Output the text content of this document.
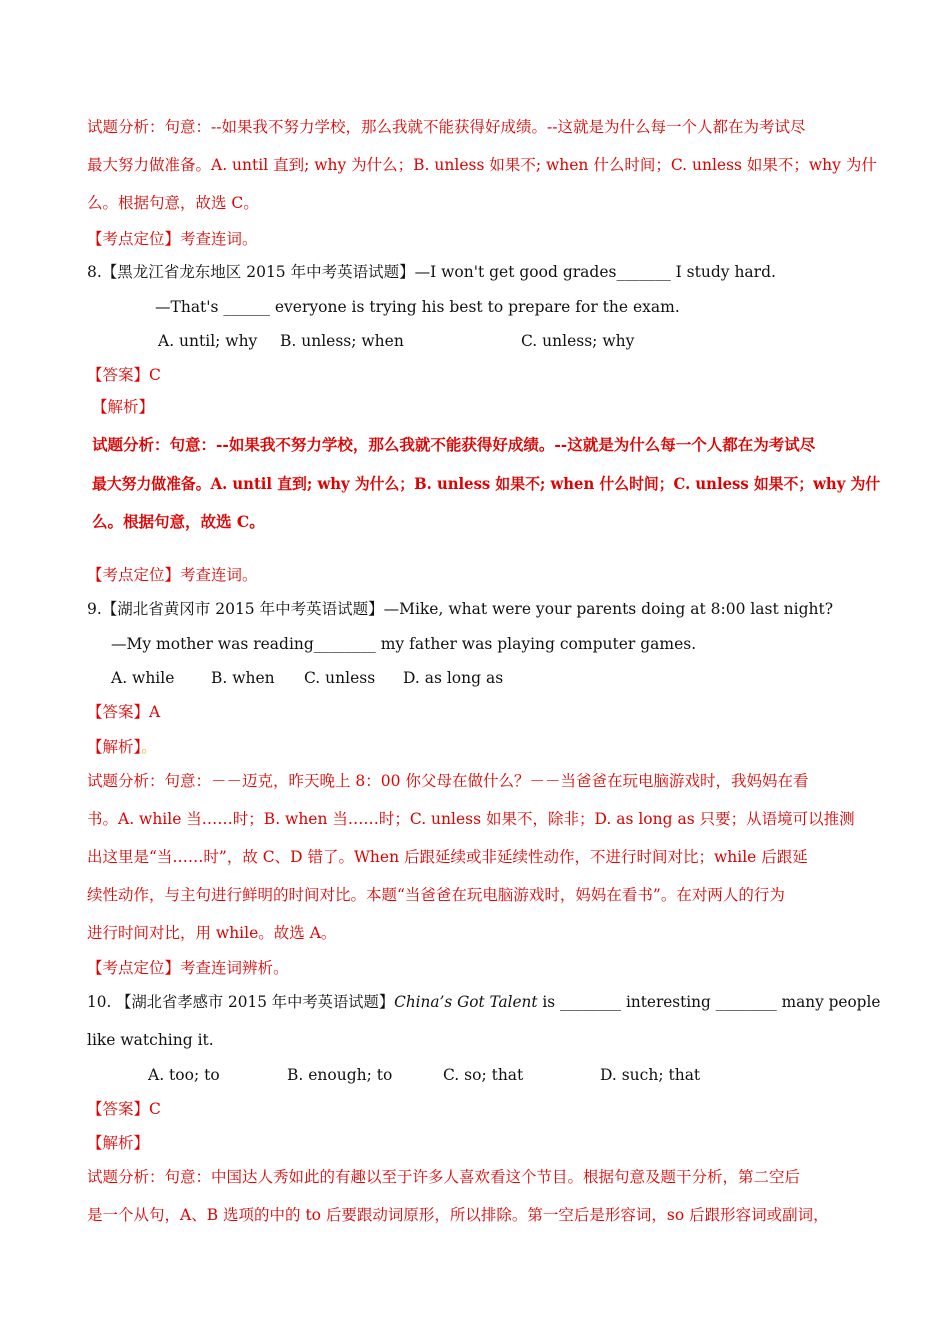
试题分析：句意：--如果我不努力学校，那么我就不能获得好成绩。--这就是为什么每一个人都在为考试尽
最大努力做准备。A. until 直到; why 为什么；B. unless 如果不; when 什么时间；C. unless 如果不；why 为什
么。根据句意，故选 C。
【考点定位】考查连词。
8.【黑龙江省龙东地区 2015 年中考英语试题】—I won't get good grades_______ I study hard.
—That's ______ everyone is trying his best to prepare for the exam.
A. until; why B. unless; when	C. unless; why
【答案】C
【解析】
试题分析：句意：--如果我不努力学校，那么我就不能获得好成绩。--这就是为什么每一个人都在为考试尽
最大努力做准备。A. until 直到; why 为什么；B. unless 如果不; when 什么时间；C. unless 如果不；why 为什
么。根据句意，故选 C。
【考点定位】考查连词。
9.【湖北省黄冈市 2015 年中考英语试题】—Mike, what were your parents doing at 8:00 last night?
—My mother was reading________ my father was playing computer games.
A. while B. when C. unless D. as long as
【答案】A
【解析】。
试题分析：句意：－－迈克，昨天晚上 8：00 你父母在做什么？－－当爸爸在玩电脑游戏时，我妈妈在看
书。A. while 当……时；B. when 当……时；C. unless 如果不，除非；D. as long as 只要；从语境可以推测
出这里是“当……时”，故 C、D 错了。When 后跟延续或非延续性动作，不进行时间对比；while 后跟延
续性动作，与主句进行鲜明的时间对比。本题“当爸爸在玩电脑游戏时，妈妈在看书”。在对两人的行为
进行时间对比，用 while。故选 A。
【考点定位】考查连词辨析。
10. 【湖北省孝感市 2015 年中考英语试题】China’s Got Talent is ________ interesting ________ many people
like watching it.
A. too; to	B. enough; to	C. so; that	D. such; that
【答案】C
【解析】
试题分析：句意：中国达人秀如此的有趣以至于许多人喜欢看这个节目。根据句意及题干分析，第二空后
是一个从句，A、B 选项的中的 to 后要跟动词原形，所以排除。第一空后是形容词，so 后跟形容词或副词，
